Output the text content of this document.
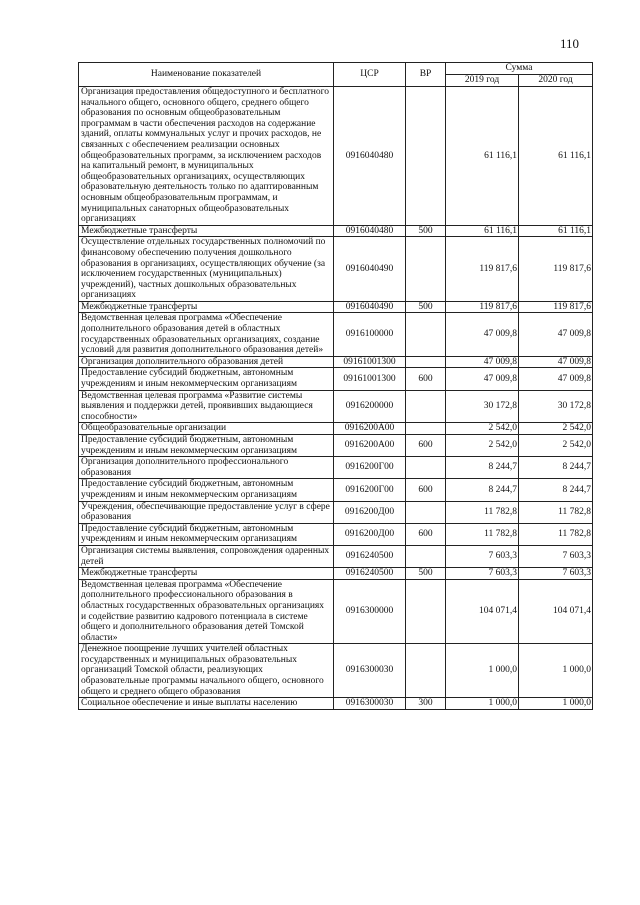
110
Наименование показателей	ЦСР	ВР	Сумма	
			2019 год	2020 год
Организация предоставления общедоступного и бесплатного начального общего, основного общего, среднего общего образования по основным общеобразовательным программам в части обеспечения расходов на содержание зданий, оплаты коммунальных услуг и прочих расходов, не связанных с обеспечением реализации основных общеобразовательных программ, за исключением расходов на капитальный ремонт, в муниципальных общеобразовательных организациях, осуществляющих образовательную деятельность только по адаптированным основным общеобразовательным программам, и муниципальных санаторных общеобразовательных организациях	0916040480		61 116,1	61 116,1
Межбюджетные трансферты	0916040480	500	61 116,1	61 116,1
Осуществление отдельных государственных полномочий по финансовому обеспечению получения дошкольного образования в организациях, осуществляющих обучение (за исключением государственных (муниципальных) учреждений), частных дошкольных образовательных организациях	0916040490		119 817,6	119 817,6
Межбюджетные трансферты	0916040490	500	119 817,6	119 817,6
Ведомственная целевая программа «Обеспечение дополнительного образования детей в областных государственных образовательных организациях, создание условий для развития дополнительного образования детей»	0916100000		47 009,8	47 009,8
Организация дополнительного образования детей	09161001300		47 009,8	47 009,8
Предоставление субсидий бюджетным, автономным учреждениям и иным некоммерческим организациям	09161001300	600	47 009,8	47 009,8
Ведомственная целевая программа «Развитие системы выявления и поддержки детей, проявивших выдающиеся способности»	0916200000		30 172,8	30 172,8
Общеобразовательные организации	0916200A00		2 542,0	2 542,0
Предоставление субсидий бюджетным, автономным учреждениям и иным некоммерческим организациям	0916200A00	600	2 542,0	2 542,0
Организация дополнительного профессионального образования	0916200Г00		8 244,7	8 244,7
Предоставление субсидий бюджетным, автономным учреждениям и иным некоммерческим организациям	0916200Г00	600	8 244,7	8 244,7
Учреждения, обеспечивающие предоставление услуг в сфере образования	0916200Д00		11 782,8	11 782,8
Предоставление субсидий бюджетным, автономным учреждениям и иным некоммерческим организациям	0916200Д00	600	11 782,8	11 782,8
Организация системы выявления, сопровождения одаренных детей	0916240500		7 603,3	7 603,3
Межбюджетные трансферты	0916240500	500	7 603,3	7 603,3
Ведомственная целевая программа «Обеспечение дополнительного профессионального образования в областных государственных образовательных организациях и содействие развитию кадрового потенциала в системе общего и дополнительного образования детей Томской области»	0916300000		104 071,4	104 071,4
Денежное поощрение лучших учителей областных государственных и муниципальных образовательных организаций Томской области, реализующих образовательные программы начального общего, основного общего и среднего общего образования	0916300030		1 000,0	1 000,0
Социальное обеспечение и иные выплаты населению	0916300030	300	1 000,0	1 000,0
